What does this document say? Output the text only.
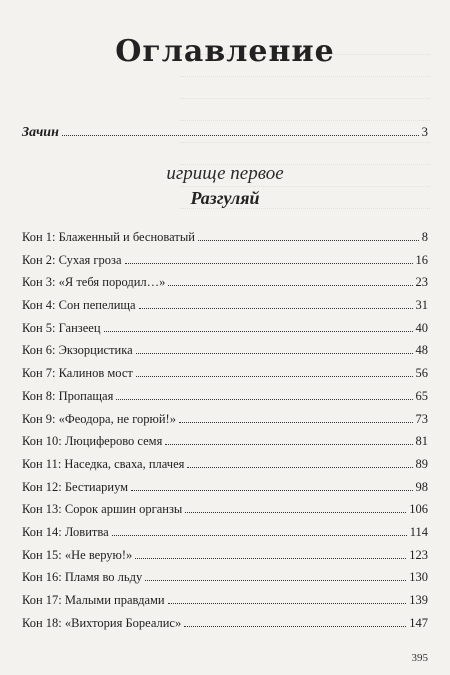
Оглавление
Зачин	3
игрище первое
Разгуляй
Кон 1: Блаженный и бесноватый	8
Кон 2: Сухая гроза	16
Кон 3: «Я тебя породил…»	23
Кон 4: Сон пепелища	31
Кон 5: Ганзеец	40
Кон 6: Экзорцистика	48
Кон 7: Калинов мост	56
Кон 8: Пропащая	65
Кон 9: «Феодора, не горюй!»	73
Кон 10: Люциферово семя	81
Кон 11: Наседка, сваха, плачея	89
Кон 12: Бестиариум	98
Кон 13: Сорок аршин органзы	106
Кон 14: Ловитва	114
Кон 15: «Не верую!»	123
Кон 16: Пламя во льду	130
Кон 17: Малыми правдами	139
Кон 18: «Вихтория Бореалис»	147
395
